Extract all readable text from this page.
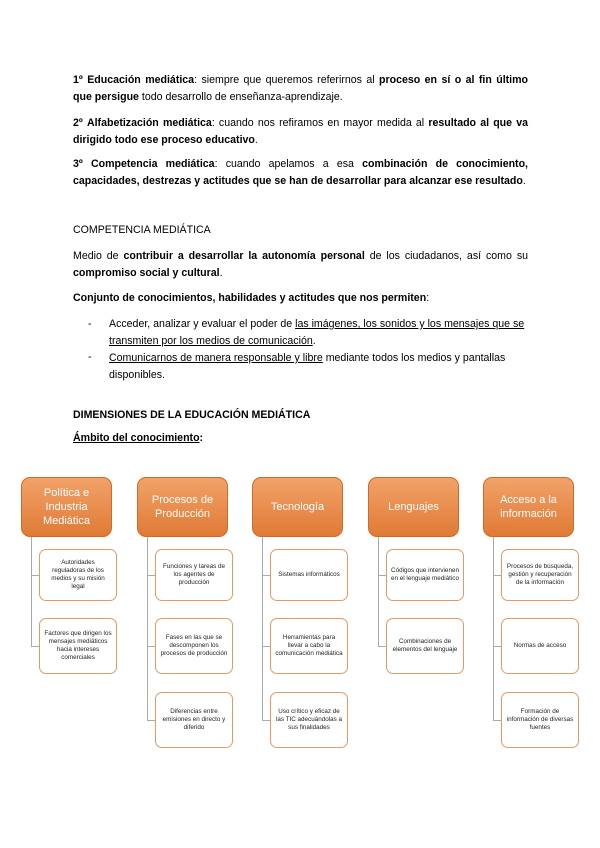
1º Educación mediática: siempre que queremos referirnos al proceso en sí o al fin último que persigue todo desarrollo de enseñanza-aprendizaje.
2º Alfabetización mediática: cuando nos refiramos en mayor medida al resultado al que va dirigido todo ese proceso educativo.
3º Competencia mediática: cuando apelamos a esa combinación de conocimiento, capacidades, destrezas y actitudes que se han de desarrollar para alcanzar ese resultado.
COMPETENCIA MEDIÁTICA
Medio de contribuir a desarrollar la autonomía personal de los ciudadanos, así como su compromiso social y cultural.
Conjunto de conocimientos, habilidades y actitudes que nos permiten:
- Acceder, analizar y evaluar el poder de las imágenes, los sonidos y los mensajes que se transmiten por los medios de comunicación.
- Comunicarnos de manera responsable y libre mediante todos los medios y pantallas disponibles.
DIMENSIONES DE LA EDUCACIÓN MEDIÁTICA
Ámbito del conocimiento:
Política e Industria Mediática
Autoridades reguladoras de los medios y su misión legal
Factores que dirigen los mensajes mediáticos hacia intereses comerciales
Procesos de Producción
Funciones y tareas de los agentes de producción
Fases en las que se descomponen los procesos de producción
Diferencias entre emisiones en directo y diferido
Tecnología
Sistemas informáticos
Herramientas para llevar a cabo la comunicación mediática
Uso crítico y eficaz de las TIC adecuándolas a sus finalidades
Lenguajes
Códigos que intervienen en el lenguaje mediático
Combinaciones de elementos del lenguaje
Acceso a la información
Procesos de búsqueda, gestión y recuperación de la información
Normas de acceso
Formación de información de diversas fuentes
